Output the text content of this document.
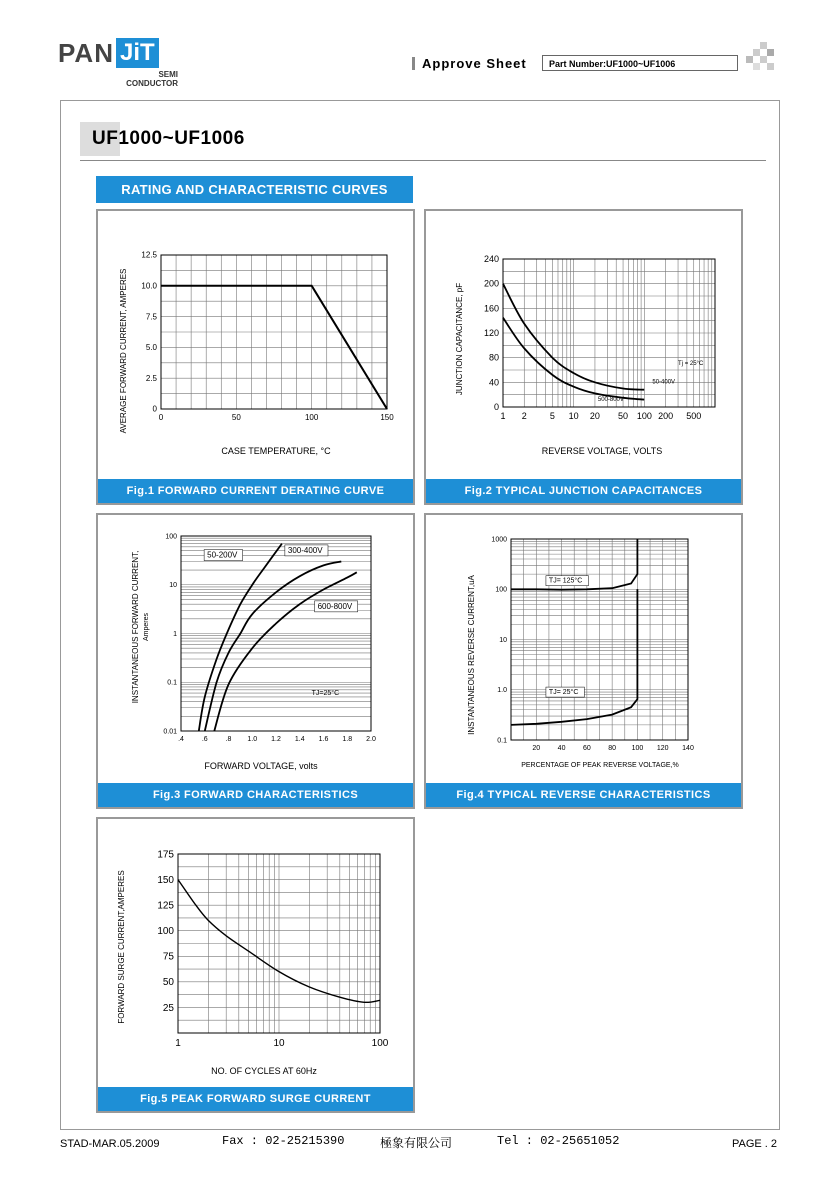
PAN JiT
SEMI
CONDUCTOR
Approve Sheet	Part Number:UF1000~UF1006
UF1000~UF1006
RATING AND CHARACTERISTIC CURVES
AVERAGE FORWARD CURRENT, AMPERES
CASE TEMPERATURE, °C
0	50	100	150
0
2.5
5.0
7.5
10.0
12.5
Fig.1 FORWARD CURRENT DERATING CURVE
JUNCTION CAPACITANCE, pF
REVERSE VOLTAGE, VOLTS
1 2	5 10 20 50 100 200 500
0
40
80
120
160
200
240
50-400V
500-800V
Tj = 25°C
Fig.2 TYPICAL JUNCTION CAPACITANCES
INSTANTANEOUS FORWARD CURRENT, Amperes
FORWARD VOLTAGE, volts
.4	.6	.8 1.0 1.2 1.4 1.6 1.8 2.0
0.01
0.1
1
10
100
50-200V
300-400V
600-800V
TJ=25°C
Fig.3 FORWARD CHARACTERISTICS
INSTANTANEOUS REVERSE CURRENT,uA
PERCENTAGE OF PEAK REVERSE VOLTAGE,%
20 40 60 80 100 120 140
0.1
1.0
10
100
1000
TJ= 125°C
TJ= 25°C
Fig.4 TYPICAL REVERSE CHARACTERISTICS
FORWARD SURGE CURRENT,AMPERES
NO. OF CYCLES AT 60Hz
1	10	100
25
50
75
100
125
150
175
Fig.5 PEAK FORWARD SURGE CURRENT
STAD-MAR.05.2009	Fax : 02-25215390	極象有限公司	Tel : 02-25651052	PAGE . 2
